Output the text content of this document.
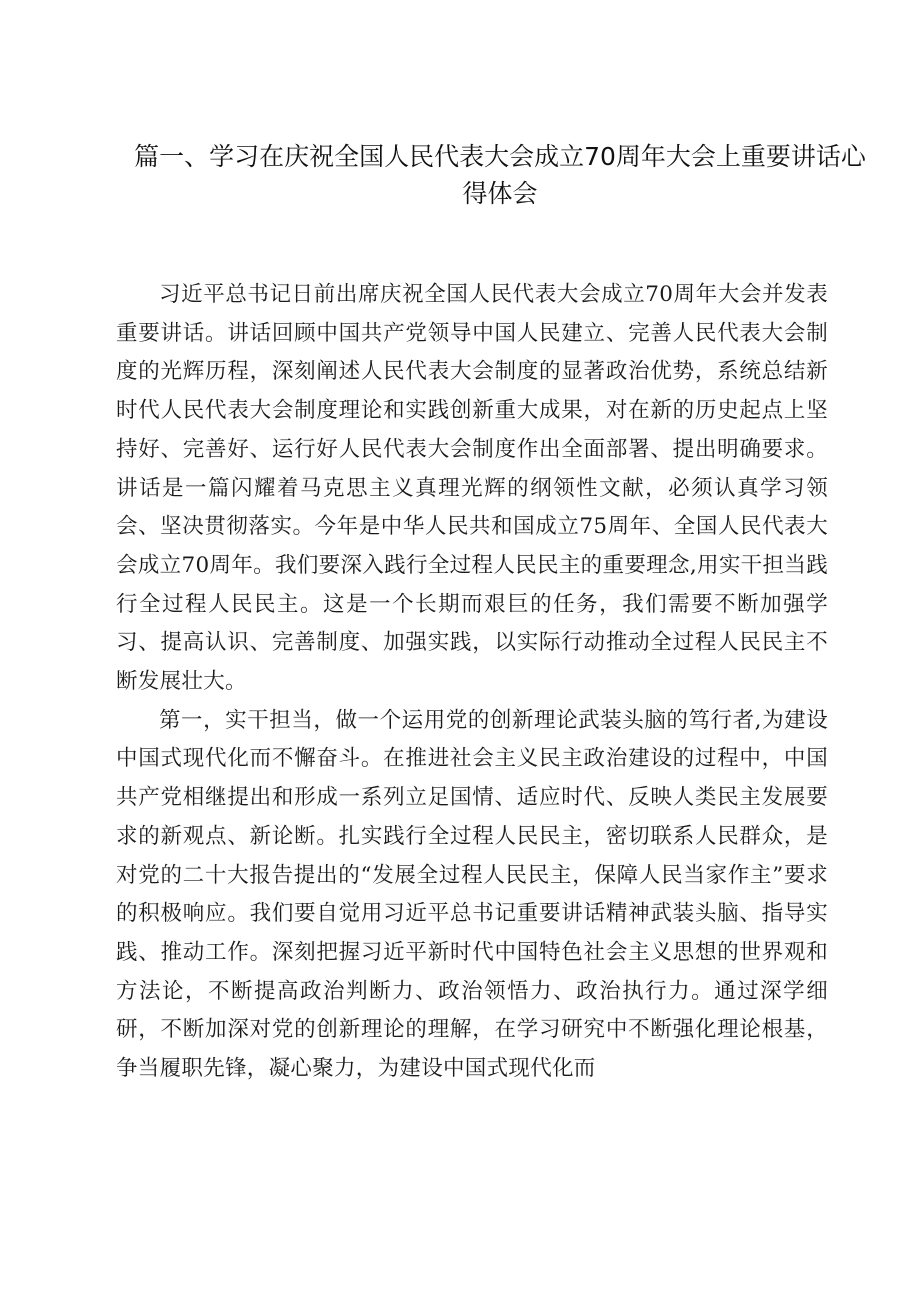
篇一、学习在庆祝全国人民代表大会成立70周年大会上重要讲话心
得体会

习近平总书记日前出席庆祝全国人民代表大会成立70周年大会并发表重要讲话。讲话回顾中国共产党领导中国人民建立、完善人民代表大会制度的光辉历程，深刻阐述人民代表大会制度的显著政治优势，系统总结新时代人民代表大会制度理论和实践创新重大成果，对在新的历史起点上坚持好、完善好、运行好人民代表大会制度作出全面部署、提出明确要求。讲话是一篇闪耀着马克思主义真理光辉的纲领性文献，必须认真学习领会、坚决贯彻落实。今年是中华人民共和国成立75周年、全国人民代表大会成立70周年。我们要深入践行全过程人民民主的重要理念,用实干担当践行全过程人民民主。这是一个长期而艰巨的任务，我们需要不断加强学习、提高认识、完善制度、加强实践，以实际行动推动全过程人民民主不断发展壮大。

第一，实干担当，做一个运用党的创新理论武装头脑的笃行者,为建设中国式现代化而不懈奋斗。在推进社会主义民主政治建设的过程中，中国共产党相继提出和形成一系列立足国情、适应时代、反映人类民主发展要求的新观点、新论断。扎实践行全过程人民民主，密切联系人民群众，是对党的二十大报告提出的“发展全过程人民民主，保障人民当家作主”要求的积极响应。我们要自觉用习近平总书记重要讲话精神武装头脑、指导实践、推动工作。深刻把握习近平新时代中国特色社会主义思想的世界观和方法论，不断提高政治判断力、政治领悟力、政治执行力。通过深学细研，不断加深对党的创新理论的理解，在学习研究中不断强化理论根基，争当履职先锋，凝心聚力，为建设中国式现代化而
